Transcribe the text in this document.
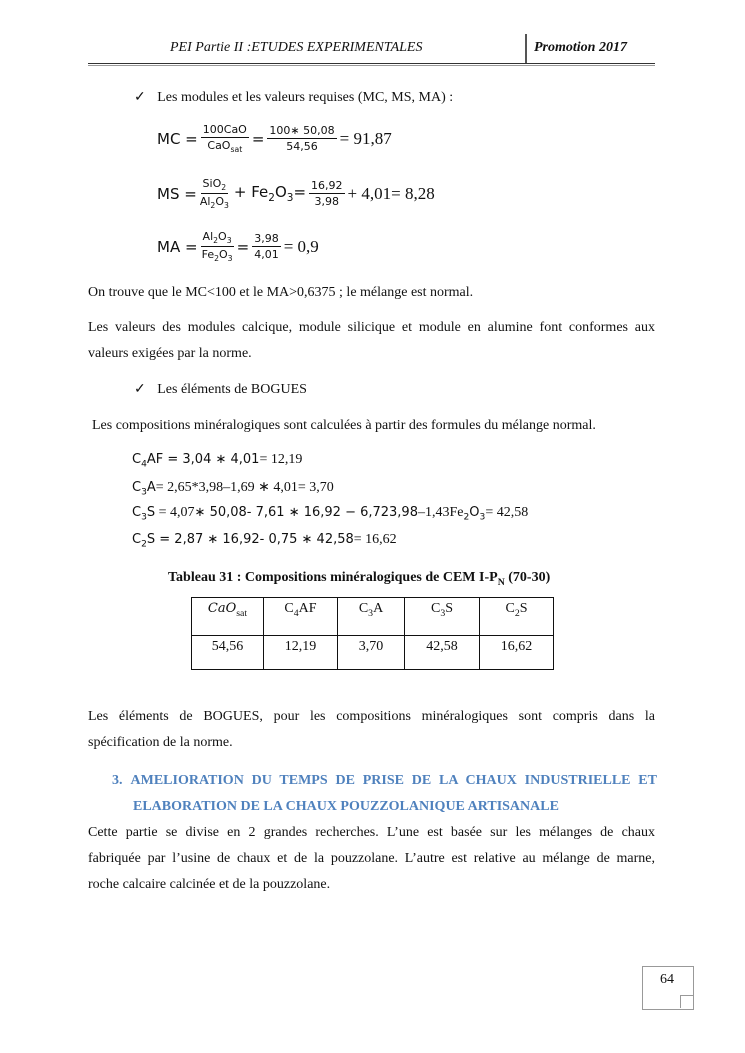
PEI Partie II :ETUDES EXPERIMENTALES	Promotion 2017
✓ Les modules et les valeurs requises (MC, MS, MA) :
MC = $\frac{\text{100CaO}}{CaO_{sat}} = \frac{100∗ 50,08}{54,56} = 91,87$
MS = $\frac{SiO_2}{Al_2O_3} + Fe_2O_3= \frac{16,92}{3,98} + 4,01= 8,28$
MA = $\frac{Al_2O_3}{Fe_2O_3} = \frac{3,98}{4,01} = 0,9$
On trouve que le MC<100 et le MA>0,6375 ; le mélange est normal.
Les valeurs des modules calcique, module silicique et module en alumine font conformes aux
valeurs exigées par la norme.
✓ Les éléments de BOGUES
Les compositions minéralogiques sont calculées à partir des formules du mélange normal.
$C_4AF = 3,04$ ∗ 4,01= 12,19
$C_3A= 2,65*3,98-1,69$ ∗ 4,01= 3,70
$C_3S$ = 4,07∗ 50,08- 7,61 ∗ $16,92 - 6,723,98-1,43Fe_2O_3= 42,58$
$C_2S = 2,87$ ∗ 16,92- 0,75 ∗ 42,58= 16,62
Tableau 31 : Compositions minéralogiques de CEM $I-P_N$ (70-30)
CaO$_{sat}$	$C_4AF$	$C_3A$	$C_3S$	$C_2S$
54,56	12,19	3,70	42,58	16,62
Les éléments de BOGUES, pour les compositions minéralogiques sont compris dans la
spécification de la norme.
3. AMELIORATION DU TEMPS DE PRISE DE LA CHAUX INDUSTRIELLE ET
ELABORATION DE LA CHAUX POUZZOLANIQUE ARTISANALE
Cette partie se divise en 2 grandes recherches. L’une est basée sur les mélanges de chaux
fabriquée par l’usine de chaux et de la pouzzolane. L’autre est relative au mélange de marne,
roche calcaire calcinée et de la pouzzolane.
64
